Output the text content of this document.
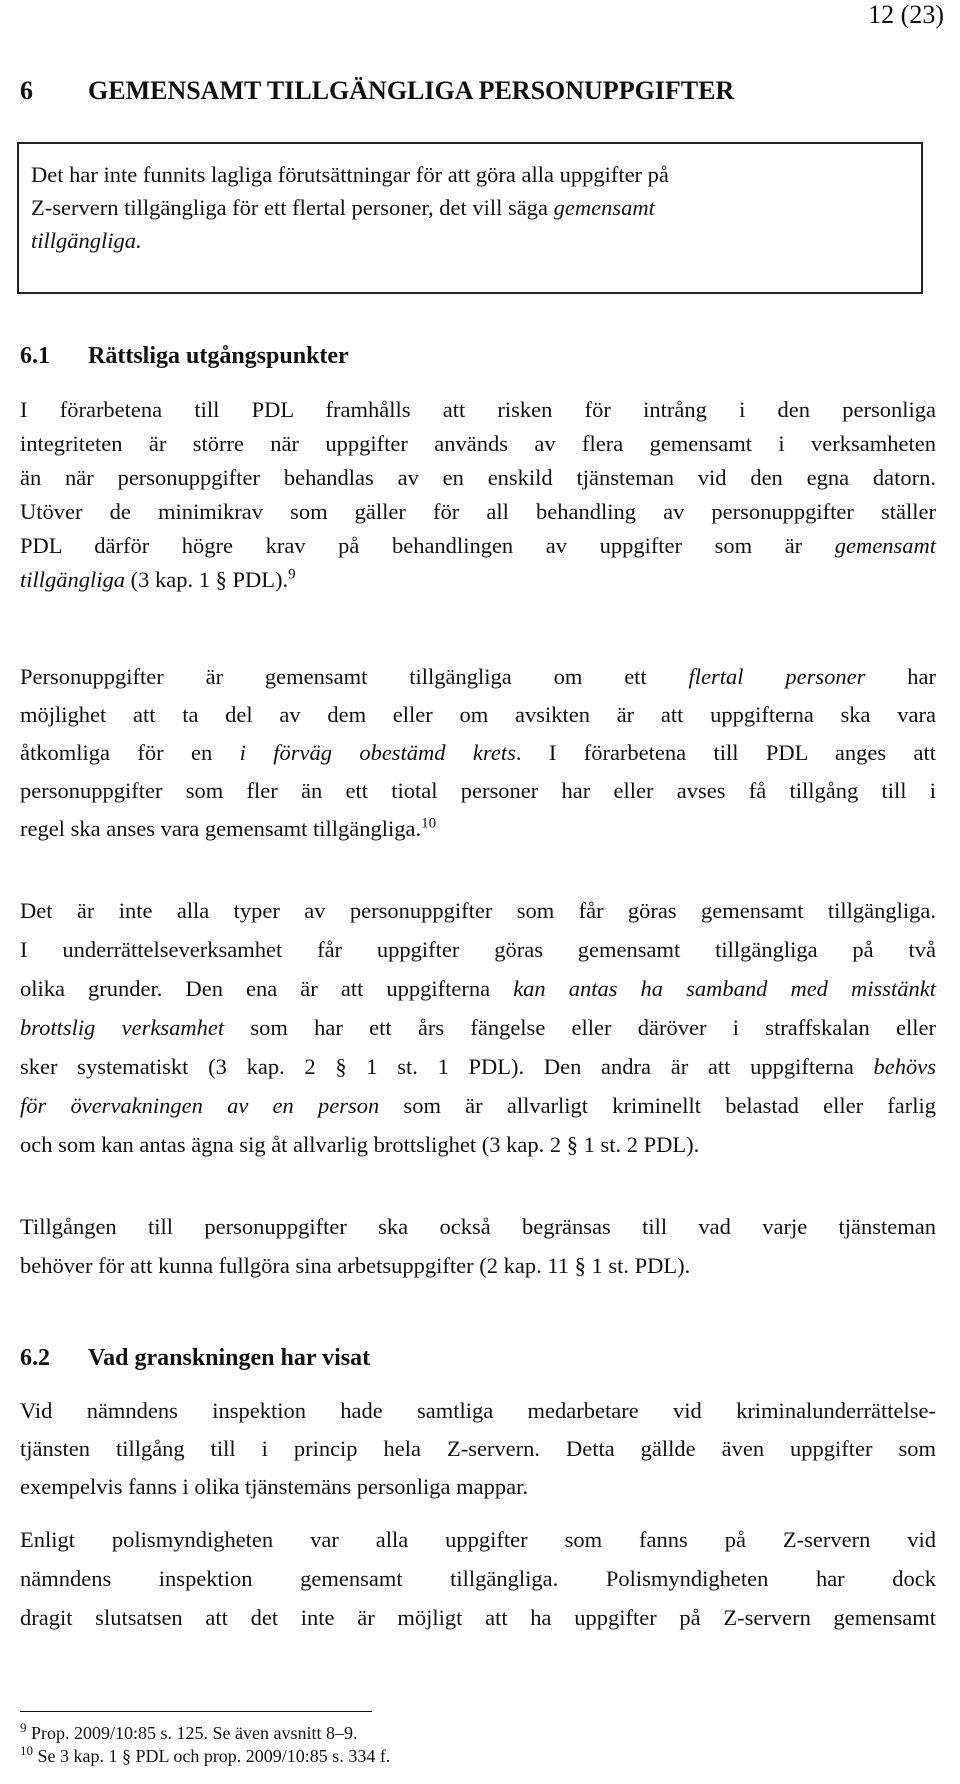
12 (23)
6 GEMENSAMT TILLGÄNGLIGA PERSONUPPGIFTER
Det har inte funnits lagliga förutsättningar för att göra alla uppgifter på
Z-servern tillgängliga för ett flertal personer, det vill säga gemensamt
tillgängliga.
6.1 Rättsliga utgångspunkter
I förarbetena till PDL framhålls att risken för intrång i den personliga
integriteten är större när uppgifter används av flera gemensamt i verksamheten
än när personuppgifter behandlas av en enskild tjänsteman vid den egna datorn.
Utöver de minimikrav som gäller för all behandling av personuppgifter ställer
PDL därför högre krav på behandlingen av uppgifter som är gemensamt
tillgängliga (3 kap. 1 § PDL).$^9$
Personuppgifter är gemensamt tillgängliga om ett flertal personer har
möjlighet att ta del av dem eller om avsikten är att uppgifterna ska vara
åtkomliga för en i förväg obestämd krets. I förarbetena till PDL anges att
personuppgifter som fler än ett tiotal personer har eller avses få tillgång till i
regel ska anses vara gemensamt tillgängliga.$^{10}$
Det är inte alla typer av personuppgifter som får göras gemensamt tillgängliga.
I underrättelseverksamhet får uppgifter göras gemensamt tillgängliga på två
olika grunder. Den ena är att uppgifterna kan antas ha samband med misstänkt
brottslig verksamhet som har ett års fängelse eller däröver i straffskalan eller
sker systematiskt (3 kap. 2 § 1 st. 1 PDL). Den andra är att uppgifterna behövs
för övervakningen av en person som är allvarligt kriminellt belastad eller farlig
och som kan antas ägna sig åt allvarlig brottslighet (3 kap. 2 § 1 st. 2 PDL).
Tillgången till personuppgifter ska också begränsas till vad varje tjänsteman
behöver för att kunna fullgöra sina arbetsuppgifter (2 kap. 11 § 1 st. PDL).
6.2 Vad granskningen har visat
Vid nämndens inspektion hade samtliga medarbetare vid kriminalunderrättelse-
tjänsten tillgång till i princip hela Z-servern. Detta gällde även uppgifter som
exempelvis fanns i olika tjänstemäns personliga mappar.
Enligt polismyndigheten var alla uppgifter som fanns på Z-servern vid
nämndens inspektion gemensamt tillgängliga. Polismyndigheten har dock
dragit slutsatsen att det inte är möjligt att ha uppgifter på Z-servern gemensamt
$^9$ Prop. 2009/10:85 s. 125. Se även avsnitt 8–9.
$^{10}$ Se 3 kap. 1 § PDL och prop. 2009/10:85 s. 334 f.
